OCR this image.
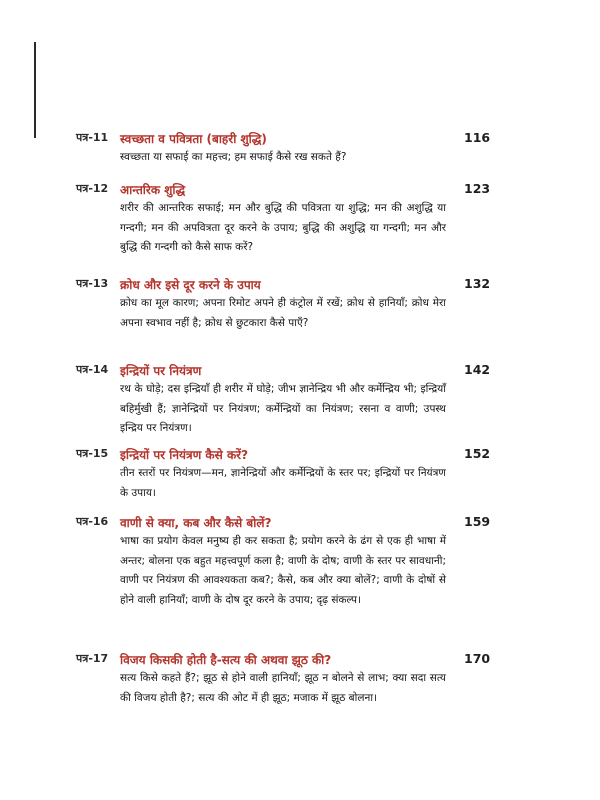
पत्र-11 स्वच्छता व पवित्रता (बाहरी शुद्धि)	116
स्वच्छता या सफाई का महत्त्व; हम सफाई कैसे रख सकते हैं?
पत्र-12 आन्तरिक शुद्धि	123
शरीर की आन्तरिक सफाई; मन और बुद्धि की पवित्रता या शुद्धि; मन की अशुद्धि या गन्दगी; मन की अपवित्रता दूर करने के उपाय; बुद्धि की अशुद्धि या गन्दगी; मन और बुद्धि की गन्दगी को कैसे साफ करें?
पत्र-13 क्रोध और इसे दूर करने के उपाय	132
क्रोध का मूल कारण; अपना रिमोट अपने ही कंट्रोल में रखें; क्रोध से हानियाँ; क्रोध मेरा अपना स्वभाव नहीं है; क्रोध से छुटकारा कैसे पाएँ?
पत्र-14 इन्द्रियों पर नियंत्रण	142
रथ के घोड़े; दस इन्द्रियाँ ही शरीर में घोड़े; जीभ ज्ञानेन्द्रिय भी और कर्मेन्द्रिय भी; इन्द्रियाँ बहिर्मुखी हैं; ज्ञानेन्द्रियों पर नियंत्रण; कर्मेन्द्रियों का नियंत्रण; रसना व वाणी; उपस्थ इन्द्रिय पर नियंत्रण।
पत्र-15 इन्द्रियों पर नियंत्रण कैसे करें?	152
तीन स्तरों पर नियंत्रण—मन, ज्ञानेन्द्रियों और कर्मेन्द्रियों के स्तर पर; इन्द्रियों पर नियंत्रण के उपाय।
पत्र-16 वाणी से क्या, कब और कैसे बोलें?	159
भाषा का प्रयोग केवल मनुष्य ही कर सकता है; प्रयोग करने के ढंग से एक ही भाषा में अन्तर; बोलना एक बहुत महत्त्वपूर्ण कला है; वाणी के दोष; वाणी के स्तर पर सावधानी; वाणी पर नियंत्रण की आवश्यकता कब?; कैसे, कब और क्या बोलें?; वाणी के दोषों से होने वाली हानियाँ; वाणी के दोष दूर करने के उपाय; दृढ़ संकल्प।
पत्र-17 विजय किसकी होती है-सत्य की अथवा झूठ की?	170
सत्य किसे कहते हैं?; झूठ से होने वाली हानियाँ; झूठ न बोलने से लाभ; क्या सदा सत्य की विजय होती है?; सत्य की ओट में ही झूठ; मजाक में झूठ बोलना।
